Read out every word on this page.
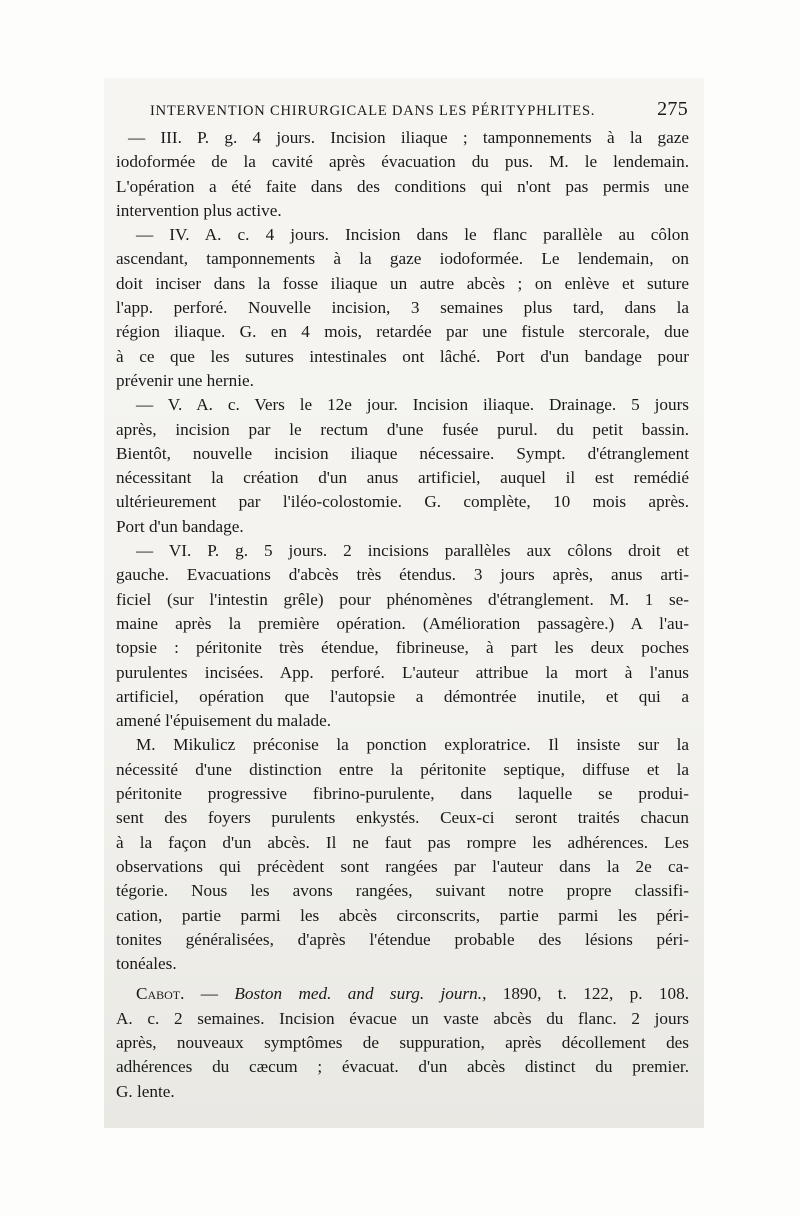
INTERVENTION CHIRURGICALE DANS LES PÉRITYPHLITES.	275
— III. P. g. 4 jours. Incision iliaque ; tamponnements à la gaze
iodoformée de la cavité après évacuation du pus. M. le lendemain.
L'opération a été faite dans des conditions qui n'ont pas permis une
intervention plus active.
— IV. A. c. 4 jours. Incision dans le flanc parallèle au côlon
ascendant, tamponnements à la gaze iodoformée. Le lendemain, on
doit inciser dans la fosse iliaque un autre abcès ; on enlève et suture
l'app. perforé. Nouvelle incision, 3 semaines plus tard, dans la
région iliaque. G. en 4 mois, retardée par une fistule stercorale, due
à ce que les sutures intestinales ont lâché. Port d'un bandage pour
prévenir une hernie.
— V. A. c. Vers le 12e jour. Incision iliaque. Drainage. 5 jours
après, incision par le rectum d'une fusée purul. du petit bassin.
Bientôt, nouvelle incision iliaque nécessaire. Sympt. d'étranglement
nécessitant la création d'un anus artificiel, auquel il est remédié
ultérieurement par l'iléo-colostomie. G. complète, 10 mois après.
Port d'un bandage.
— VI. P. g. 5 jours. 2 incisions parallèles aux côlons droit et
gauche. Evacuations d'abcès très étendus. 3 jours après, anus arti-
ficiel (sur l'intestin grêle) pour phénomènes d'étranglement. M. 1 se-
maine après la première opération. (Amélioration passagère.) A l'au-
topsie : péritonite très étendue, fibrineuse, à part les deux poches
purulentes incisées. App. perforé. L'auteur attribue la mort à l'anus
artificiel, opération que l'autopsie a démontrée inutile, et qui a
amené l'épuisement du malade.
M. Mikulicz préconise la ponction exploratrice. Il insiste sur la
nécessité d'une distinction entre la péritonite septique, diffuse et la
péritonite progressive fibrino-purulente, dans laquelle se produi-
sent des foyers purulents enkystés. Ceux-ci seront traités chacun
à la façon d'un abcès. Il ne faut pas rompre les adhérences. Les
observations qui précèdent sont rangées par l'auteur dans la 2e ca-
tégorie. Nous les avons rangées, suivant notre propre classifi-
cation, partie parmi les abcès circonscrits, partie parmi les péri-
tonites généralisées, d'après l'étendue probable des lésions péri-
tonéales.
Cabot. — Boston med. and surg. journ., 1890, t. 122, p. 108.
A. c. 2 semaines. Incision évacue un vaste abcès du flanc. 2 jours
après, nouveaux symptômes de suppuration, après décollement des
adhérences du cæcum ; évacuat. d'un abcès distinct du premier.
G. lente.
